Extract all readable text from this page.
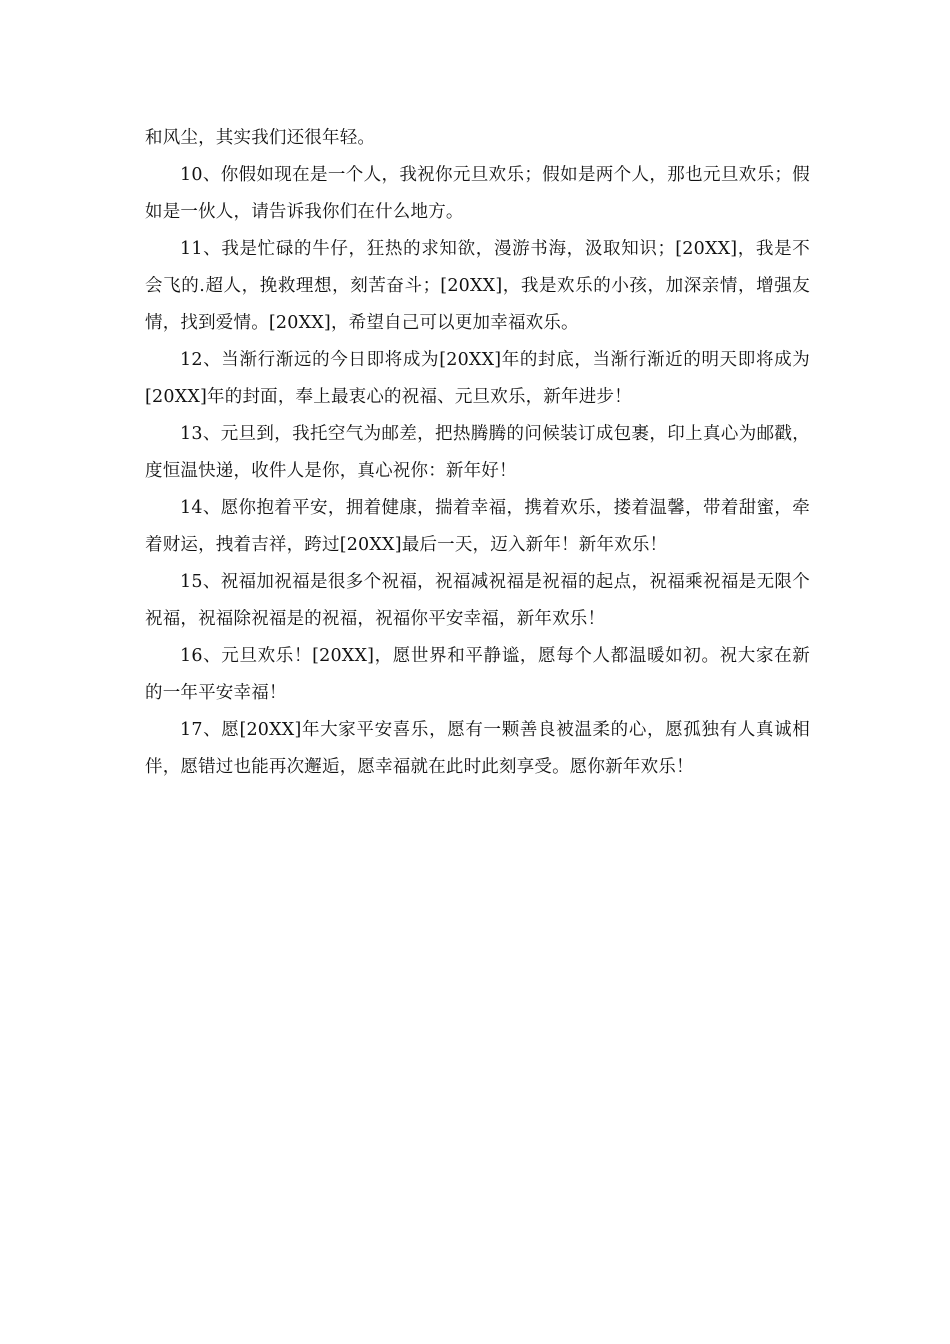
和风尘，其实我们还很年轻。

10、你假如现在是一个人，我祝你元旦欢乐；假如是两个人，那也元旦欢乐；假如是一伙人，请告诉我你们在什么地方。

11、我是忙碌的牛仔，狂热的求知欲，漫游书海，汲取知识；[20XX]，我是不会飞的.超人，挽救理想，刻苦奋斗；[20XX]，我是欢乐的小孩，加深亲情，增强友情，找到爱情。[20XX]，希望自己可以更加幸福欢乐。

12、当渐行渐远的今日即将成为[20XX]年的封底，当渐行渐近的明天即将成为[20XX]年的封面，奉上最衷心的祝福、元旦欢乐，新年进步！

13、元旦到，我托空气为邮差，把热腾腾的问候装订成包裹，印上真心为邮戳，度恒温快递，收件人是你，真心祝你：新年好！

14、愿你抱着平安，拥着健康，揣着幸福，携着欢乐，搂着温馨，带着甜蜜，牵着财运，拽着吉祥，跨过[20XX]最后一天，迈入新年！新年欢乐！

15、祝福加祝福是很多个祝福，祝福减祝福是祝福的起点，祝福乘祝福是无限个祝福，祝福除祝福是的祝福，祝福你平安幸福，新年欢乐！

16、元旦欢乐！[20XX]，愿世界和平静谧，愿每个人都温暖如初。祝大家在新的一年平安幸福！

17、愿[20XX]年大家平安喜乐，愿有一颗善良被温柔的心，愿孤独有人真诚相伴，愿错过也能再次邂逅，愿幸福就在此时此刻享受。愿你新年欢乐！
